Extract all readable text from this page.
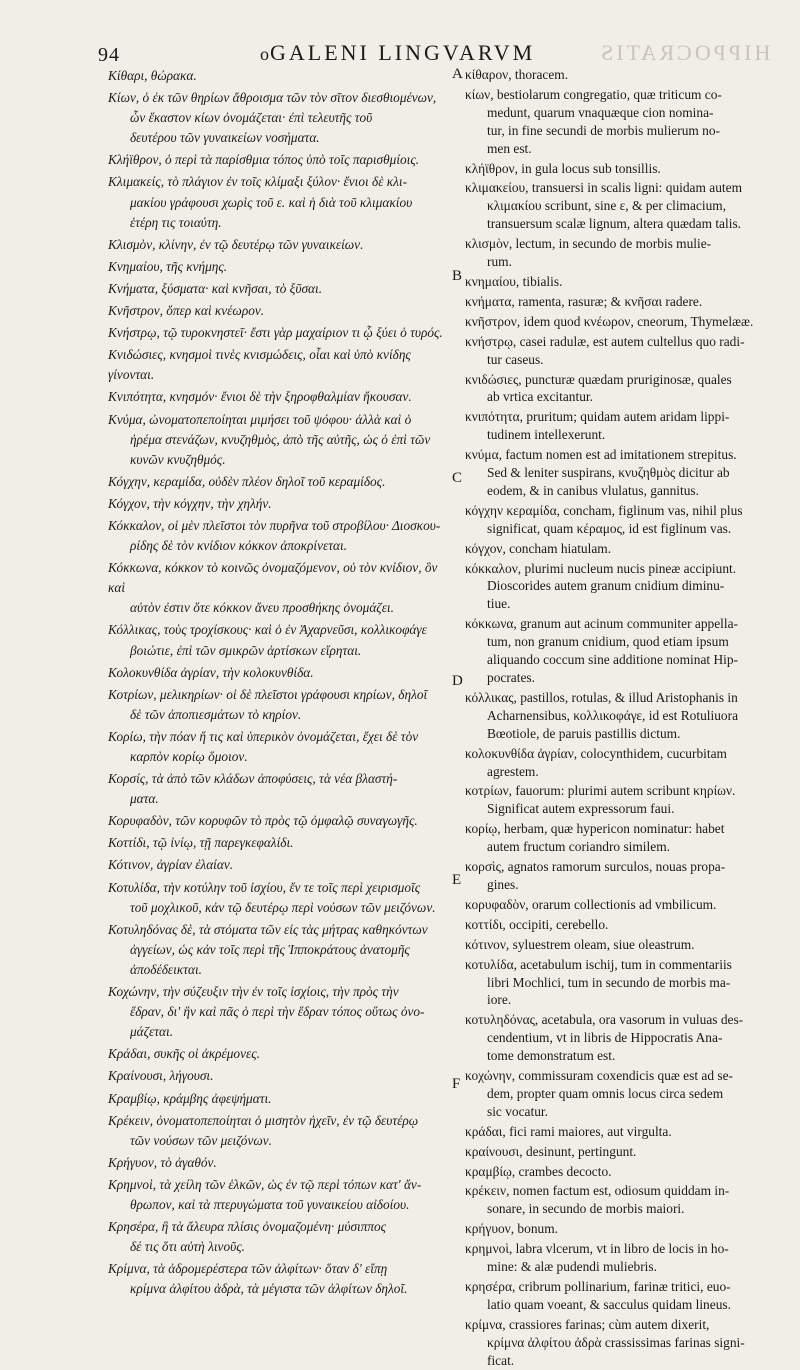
94	o GALENI LINGVARVM	HIPPOCRATIS
Κίθαρι, θώρακα.
Κίων, ὁ ἐκ τῶν θηρίων ἄθροισμα τῶν τὸν σῖτον διεσθιομένων,
ὧν ἕκαστον κίων ὀνομάζεται· ἐπὶ τελευτῆς τοῦ
δευτέρου τῶν γυναικείων νοσήματα.
Κλήϊθρον, ὁ περὶ τὰ παρίσθμια τόπος ὑπὸ τοῖς παρισθμίοις.
Κλιμακείς, τὸ πλάγιον ἐν τοῖς κλίμαξι ξύλον· ἔνιοι δὲ κλι-
μακίου γράφουσι χωρὶς τοῦ ε. καὶ ἡ διὰ τοῦ κλιμακίου
ἑτέρη τις τοιαύτη.
Κλισμὸν, κλίνην, ἐν τῷ δευτέρῳ τῶν γυναικείων.
Κνημαίου, τῆς κνήμης.
Κνήματα, ξύσματα· καὶ κνῆσαι, τὸ ξῦσαι.
Κνῆστρον, ὅπερ καὶ κνέωρον.
Κνήστρῳ, τῷ τυροκνηστεῖ· ἔστι γὰρ μαχαίριον τι ᾧ ξύει ὁ τυρός.
Κνιδώσιες, κνησμοὶ τινὲς κνισμώδεις, οἷαι καὶ ὑπὸ κνίδης γίνονται.
Κνιπότητα, κνησμόν· ἔνιοι δὲ τὴν ξηροφθαλμίαν ἤκουσαν.
Κνύμα, ὠνοματοπεποίηται μιμήσει τοῦ ψόφου· ἀλλὰ καὶ ὁ
ἠρέμα στενάζων, κνυζηθμὸς, ἀπὸ τῆς αὐτῆς, ὡς ὁ ἐπὶ τῶν
κυνῶν κνυζηθμός.
Κόγχην, κεραμίδα, οὐδὲν πλέον δηλοῖ τοῦ κεραμίδος.
Κόγχον, τὴν κόγχην, τὴν χηλήν.
Κόκκαλον, οἱ μὲν πλεῖστοι τὸν πυρῆνα τοῦ στροβίλου· Διοσκου-
ρίδης δὲ τὸν κνίδιον κόκκον ἀποκρίνεται.
Κόκκωνα, κόκκον τὸ κοινῶς ὀνομαζόμενον, οὐ τὸν κνίδιον, ὃν καὶ
αὐτὸν ἐστιν ὅτε κόκκον ἄνευ προσθήκης ὀνομάζει.
Κόλλικας, τοὺς τροχίσκους· καὶ ὁ ἐν Ἀχαρνεῦσι, κολλικοφάγε
βοιώτιε, ἐπὶ τῶν σμικρῶν ἀρτίσκων εἴρηται.
Κολοκυνθίδα ἀγρίαν, τὴν κολοκυνθίδα.
Κοτρίων, μελικηρίων· οἱ δὲ πλεῖστοι γράφουσι κηρίων, δηλοῖ
δὲ τῶν ἀποπιεσμάτων τὸ κηρίον.
Κορίω, τὴν πόαν ἥ τις καὶ ὑπερικὸν ὀνομάζεται, ἔχει δὲ τὸν
καρπὸν κορίῳ ὅμοιον.
Κορσίς, τὰ ἀπὸ τῶν κλάδων ἀποφύσεις, τὰ νέα βλαστή-
ματα.
Κορυφαδὸν, τῶν κορυφῶν τὸ πρὸς τῷ ὀμφαλῷ συναγωγῆς.
Κοττίδι, τῷ ἰνίῳ, τῇ παρεγκεφαλίδι.
Κότινον, ἀγρίαν ἐλαίαν.
Κοτυλίδα, τὴν κοτύλην τοῦ ἰσχίου, ἔν τε τοῖς περὶ χειρισμοῖς
τοῦ μοχλικοῦ, κἀν τῷ δευτέρῳ περὶ νούσων τῶν μειζόνων.
Κοτυληδόνας δὲ, τὰ στόματα τῶν εἰς τὰς μήτρας καθηκόντων
ἀγγείων, ὡς κἀν τοῖς περὶ τῆς Ἱπποκράτους ἀνατομῆς
ἀποδέδεικται.
Κοχώνην, τὴν σύζευξιν τὴν ἐν τοῖς ἰσχίοις, τὴν πρὸς τὴν
ἕδραν, δι' ἣν καὶ πᾶς ὁ περὶ τὴν ἕδραν τόπος οὕτως ὀνο-
μάζεται.
Κράδαι, συκῆς οἱ ἀκρέμονες.
Κραίνουσι, λήγουσι.
Κραμβίῳ, κράμβης ἀφεψήματι.
Κρέκειν, ὀνοματοπεποίηται ὁ μισητὸν ἠχεῖν, ἐν τῷ δευτέρῳ
τῶν νούσων τῶν μειζόνων.
Κρήγυον, τὸ ἀγαθόν.
Κρημνοὶ, τὰ χείλη τῶν ἑλκῶν, ὡς ἐν τῷ περὶ τόπων κατ' ἄν-
θρωπον, καὶ τὰ πτερυγώματα τοῦ γυναικείου αἰδοίου.
Κρησέρα, ἣ τὰ ἄλευρα πλίσις ὀνομαζομένη· μύσιππος
δέ τις ὅτι αὐτὴ λινοῦς.
Κρίμνα, τὰ ἀδρομερέστερα τῶν ἀλφίτων· ὅταν δ' εἴπῃ
κρίμνα ἀλφίτου ἀδρὰ, τὰ μέγιστα τῶν ἀλφίτων δηλοῖ.
κίθαρον, thoracem.
κίων, bestiolarum congregatio, quæ triticum co-
medunt, quarum vnaquæque cion nomina-
tur, in fine secundi de morbis mulierum no-
men est.
κλήϊθρον, in gula locus sub tonsillis.
κλιμακείου, transuersi in scalis ligni: quidam autem
κλιμακίου scribunt, sine ε, & per climacium,
transuersum scalæ lignum, altera quædam talis.
κλισμὸν, lectum, in secundo de morbis mulie-
rum.
κνημαίου, tibialis.
κνήματα, ramenta, rasuræ; & κνῆσαι radere.
κνῆστρον, idem quod κνέωρον, cneorum, Thymelææ.
κνήστρῳ, casei radulæ, est autem cultellus quo radi-
tur caseus.
κνιδώσιες, puncturæ quædam pruriginosæ, quales
ab vrtica excitantur.
κνιπότητα, pruritum; quidam autem aridam lippi-
tudinem intellexerunt.
κνύμα, factum nomen est ad imitationem strepitus.
Sed & leniter suspirans, κνυζηθμὸς dicitur ab
eodem, & in canibus vlulatus, gannitus.
κόγχην κεραμίδα, concham, figlinum vas, nihil plus
significat, quam κέραμος, id est figlinum vas.
κόγχον, concham hiatulam.
κόκκαλον, plurimi nucleum nucis pineæ accipiunt.
Dioscorides autem granum cnidium diminu-
tiue.
κόκκωνα, granum aut acinum communiter appella-
tum, non granum cnidium, quod etiam ipsum
aliquando coccum sine additione nominat Hip-
pocrates.
κόλλικας, pastillos, rotulas, & illud Aristophanis in
Acharnensibus, κολλικοφάγε, id est Rotuliuora
Bœotiole, de paruis pastillis dictum.
κολοκυνθίδα ἀγρίαν, colocynthidem, cucurbitam
agrestem.
κοτρίων, fauorum: plurimi autem scribunt κηρίων.
Significat autem expressorum faui.
κορίῳ, herbam, quæ hypericon nominatur: habet
autem fructum coriandro similem.
κορσὶς, agnatos ramorum surculos, nouas propa-
gines.
κορυφαδὸν, orarum collectionis ad vmbilicum.
κοττίδι, occipiti, cerebello.
κότινον, syluestrem oleam, siue oleastrum.
κοτυλίδα, acetabulum ischij, tum in commentariis
libri Mochlici, tum in secundo de morbis ma-
iore.
κοτυληδόνας, acetabula, ora vasorum in vuluas des-
cendentium, vt in libris de Hippocratis Ana-
tome demonstratum est.
κοχώνην, commissuram coxendicis quæ est ad se-
dem, propter quam omnis locus circa sedem
sic vocatur.
κράδαι, fici rami maiores, aut virgulta.
κραίνουσι, desinunt, pertingunt.
κραμβίῳ, crambes decocto.
κρέκειν, nomen factum est, odiosum quiddam in-
sonare, in secundo de morbis maiori.
κρήγυον, bonum.
κρημνοὶ, labra vlcerum, vt in libro de locis in ho-
mine: & alæ pudendi muliebris.
κρησέρα, cribrum pollinarium, farinæ tritici, euo-
latio quam voeant, & sacculus quidam lineus.
κρίμνα, crassiores farinas; cùm autem dixerit,
κρίμνα ἀλφίτου ἀδρὰ crassissimas farinas signi-
ficat.
A
B
C
D
E
F
